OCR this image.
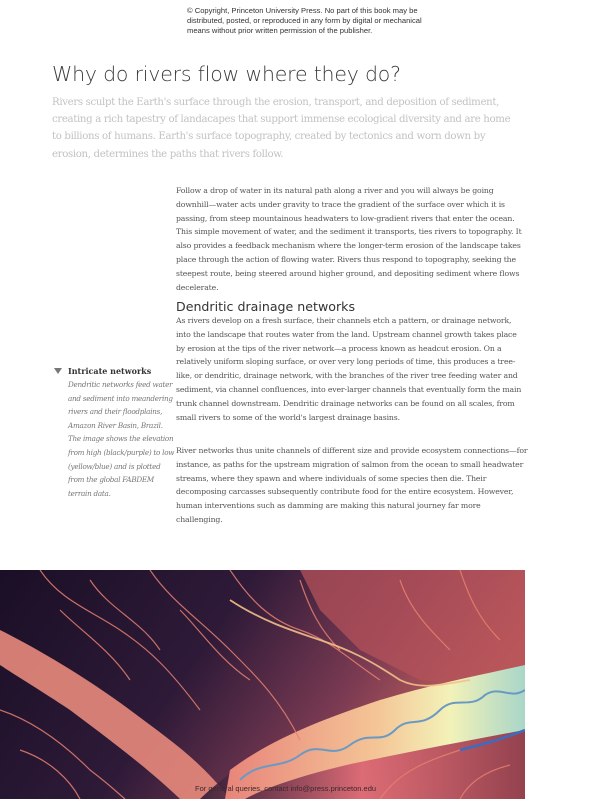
© Copyright, Princeton University Press. No part of this book may be
distributed, posted, or reproduced in any form by digital or mechanical
means without prior written permission of the publisher.
Why do rivers flow where they do?

Rivers sculpt the Earth's surface through the erosion, transport, and deposition of sediment, creating a rich tapestry of landacapes that support immense ecological diversity and are home to billions of humans. Earth's surface topography, created by tectonics and worn down by erosion, determines the paths that rivers follow.

Follow a drop of water in its natural path along a river and you will always be going downhill—water acts under gravity to trace the gradient of the surface over which it is passing, from steep mountainous headwaters to low-gradient rivers that enter the ocean. This simple movement of water, and the sediment it transports, ties rivers to topography. It also provides a feedback mechanism where the longer-term erosion of the landscape takes place through the action of flowing water. Rivers thus respond to topography, seeking the steepest route, being steered around higher ground, and depositing sediment where flows decelerate.

Dendritic drainage networks

As rivers develop on a fresh surface, their channels etch a pattern, or drainage network, into the landscape that routes water from the land. Upstream channel growth takes place by erosion at the tips of the river network—a process known as headcut erosion. On a relatively uniform sloping surface, or over very long periods of time, this produces a tree-like, or dendritic, drainage network, with the branches of the river tree feeding water and sediment, via channel confluences, into ever-larger channels that eventually form the main trunk channel downstream. Dendritic drainage networks can be found on all scales, from small rivers to some of the world's largest drainage basins.

River networks thus unite channels of different size and provide ecosystem connections—for instance, as paths for the upstream migration of salmon from the ocean to small headwater streams, where they spawn and where individuals of some species then die. Their decomposing carcasses subsequently contribute food for the entire ecosystem. However, human interventions such as damming are making this natural journey far more challenging.

Intricate networks
Dendritic networks feed water and sediment into meandering rivers and their floodplains, Amazon River Basin, Brazil. The image shows the elevation from high (black/purple) to low (yellow/blue) and is plotted from the global FABDEM terrain data.
For general queries, contact info@press.princeton.edu
